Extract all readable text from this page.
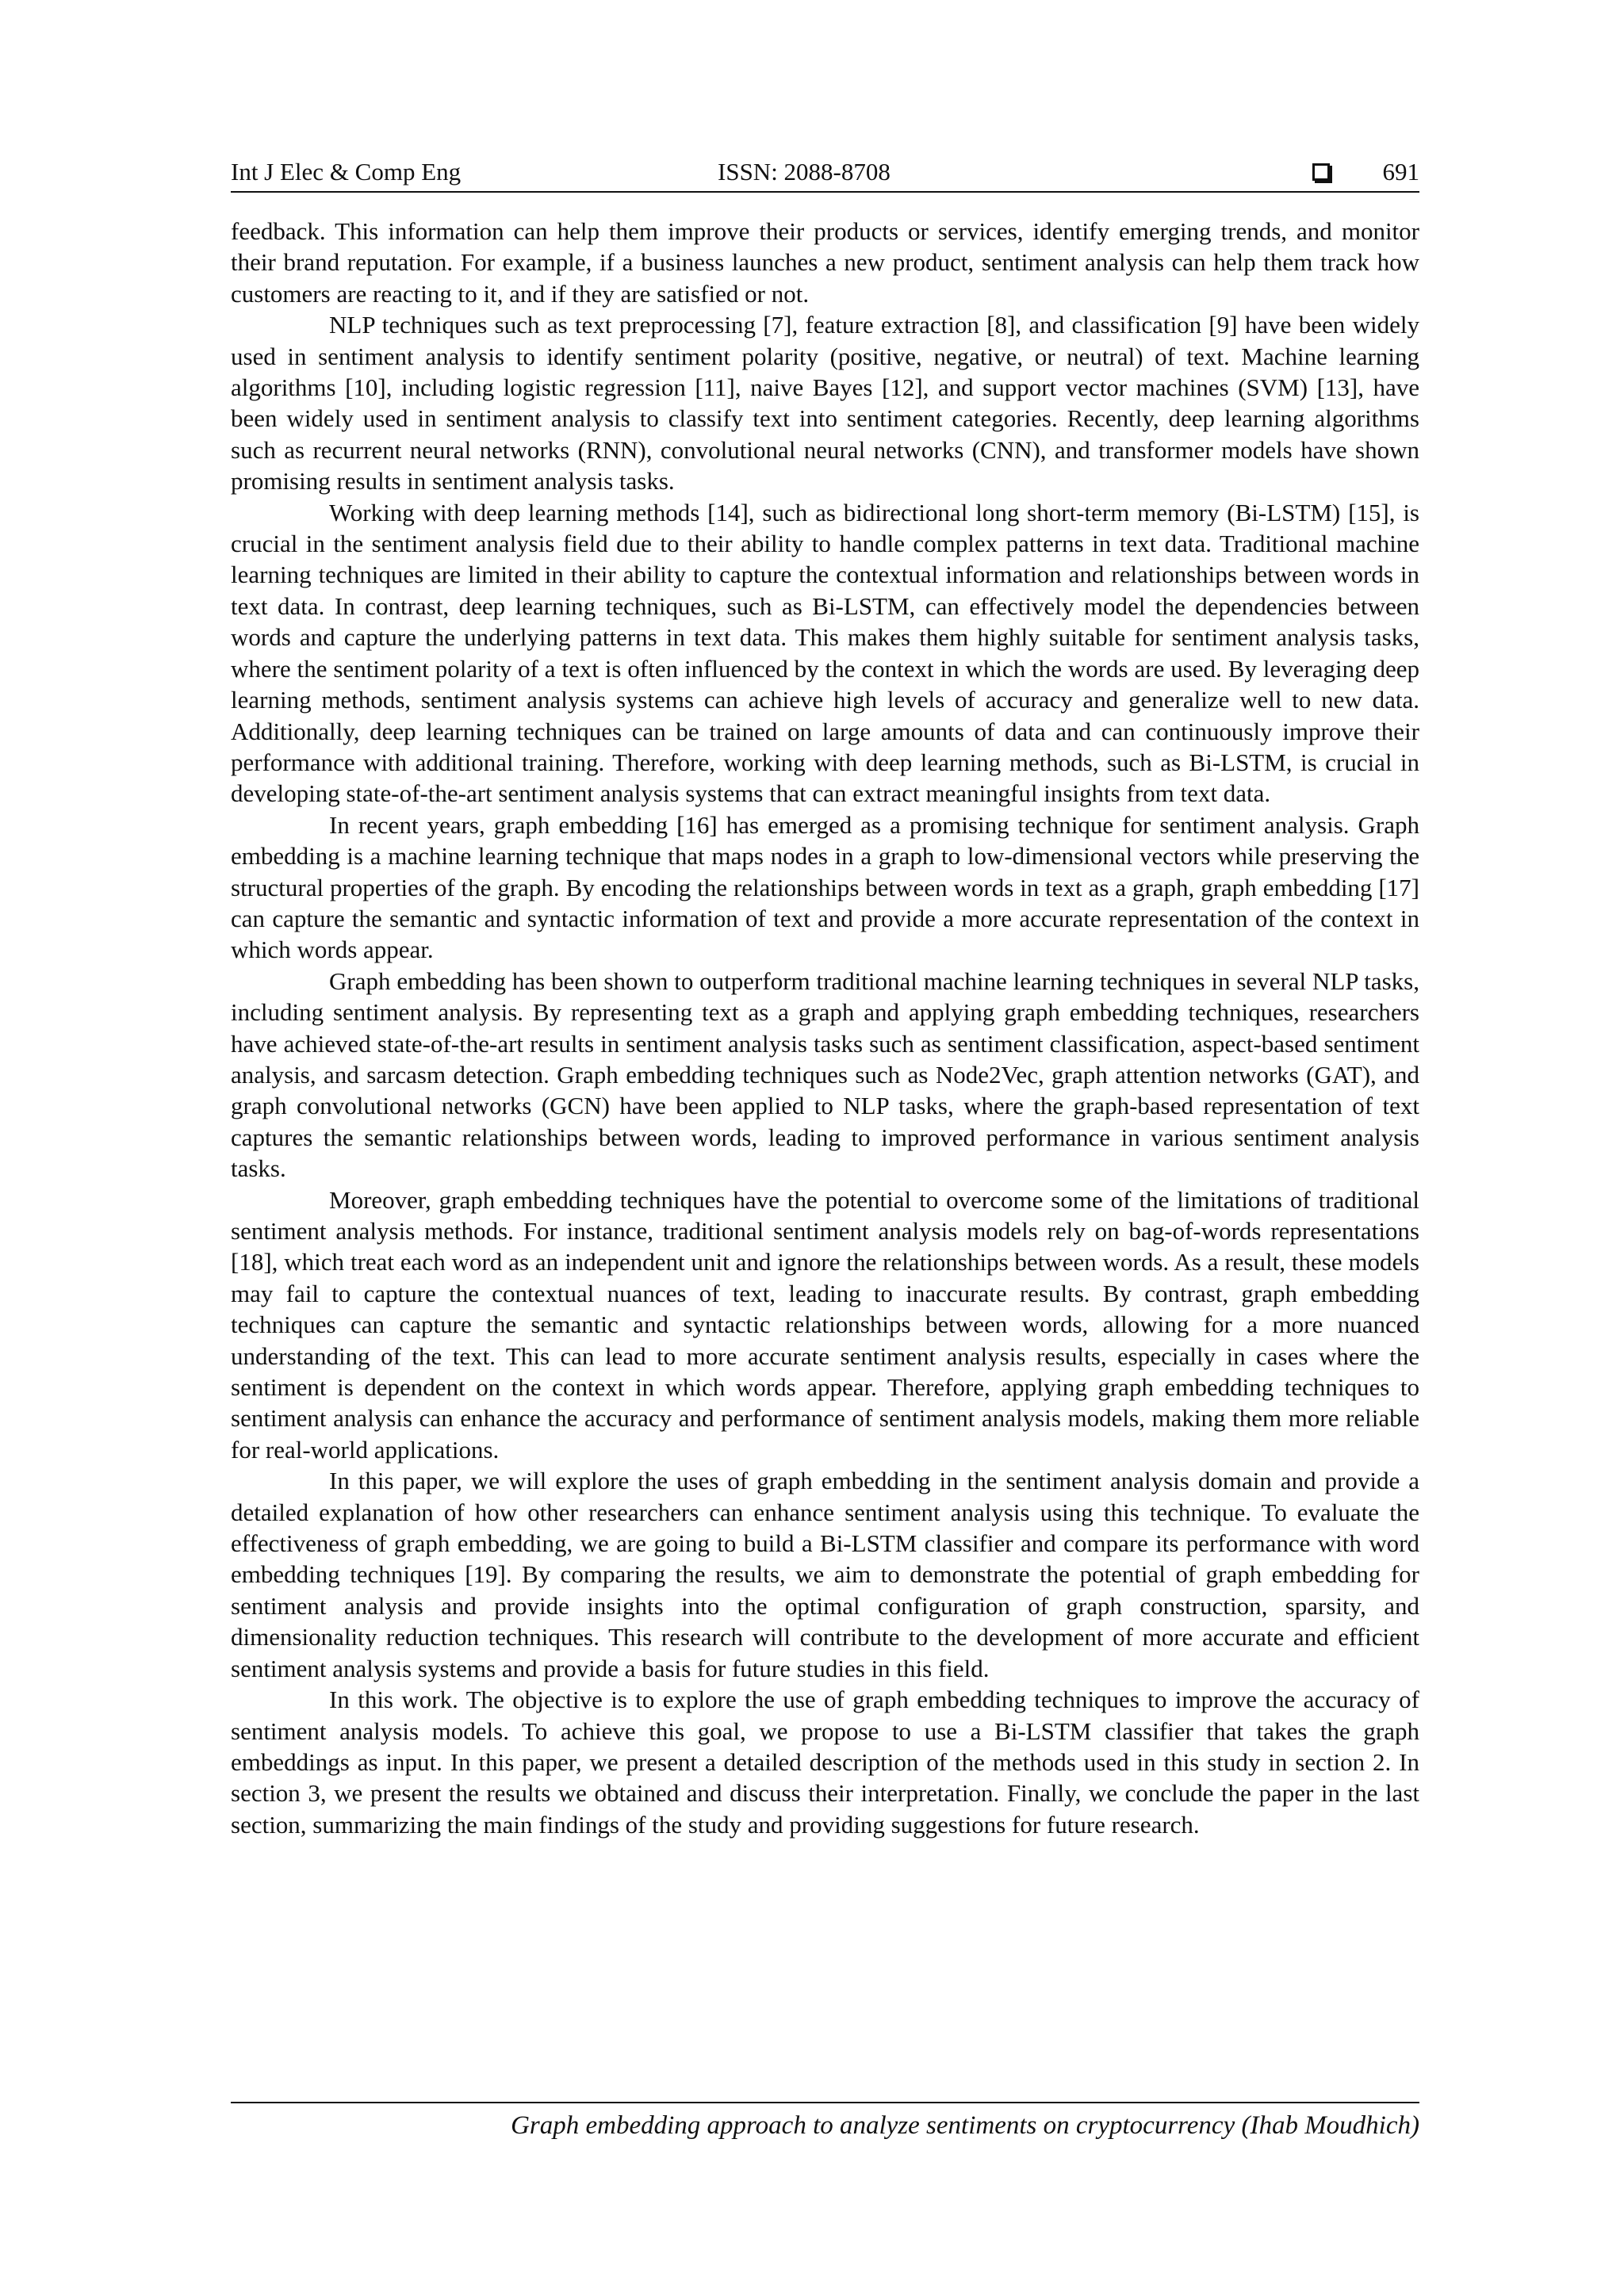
Int J Elec & Comp Eng	ISSN: 2088-8708	691

feedback. This information can help them improve their products or services, identify emerging trends, and monitor their brand reputation. For example, if a business launches a new product, sentiment analysis can help them track how customers are reacting to it, and if they are satisfied or not.

NLP techniques such as text preprocessing [7], feature extraction [8], and classification [9] have been widely used in sentiment analysis to identify sentiment polarity (positive, negative, or neutral) of text. Machine learning algorithms [10], including logistic regression [11], naive Bayes [12], and support vector machines (SVM) [13], have been widely used in sentiment analysis to classify text into sentiment categories. Recently, deep learning algorithms such as recurrent neural networks (RNN), convolutional neural networks (CNN), and transformer models have shown promising results in sentiment analysis tasks.

Working with deep learning methods [14], such as bidirectional long short-term memory (Bi-LSTM) [15], is crucial in the sentiment analysis field due to their ability to handle complex patterns in text data. Traditional machine learning techniques are limited in their ability to capture the contextual information and relationships between words in text data. In contrast, deep learning techniques, such as Bi-LSTM, can effectively model the dependencies between words and capture the underlying patterns in text data. This makes them highly suitable for sentiment analysis tasks, where the sentiment polarity of a text is often influenced by the context in which the words are used. By leveraging deep learning methods, sentiment analysis systems can achieve high levels of accuracy and generalize well to new data. Additionally, deep learning techniques can be trained on large amounts of data and can continuously improve their performance with additional training. Therefore, working with deep learning methods, such as Bi-LSTM, is crucial in developing state-of-the-art sentiment analysis systems that can extract meaningful insights from text data.

In recent years, graph embedding [16] has emerged as a promising technique for sentiment analysis. Graph embedding is a machine learning technique that maps nodes in a graph to low-dimensional vectors while preserving the structural properties of the graph. By encoding the relationships between words in text as a graph, graph embedding [17] can capture the semantic and syntactic information of text and provide a more accurate representation of the context in which words appear.

Graph embedding has been shown to outperform traditional machine learning techniques in several NLP tasks, including sentiment analysis. By representing text as a graph and applying graph embedding techniques, researchers have achieved state-of-the-art results in sentiment analysis tasks such as sentiment classification, aspect-based sentiment analysis, and sarcasm detection. Graph embedding techniques such as Node2Vec, graph attention networks (GAT), and graph convolutional networks (GCN) have been applied to NLP tasks, where the graph-based representation of text captures the semantic relationships between words, leading to improved performance in various sentiment analysis tasks.

Moreover, graph embedding techniques have the potential to overcome some of the limitations of traditional sentiment analysis methods. For instance, traditional sentiment analysis models rely on bag-of-words representations [18], which treat each word as an independent unit and ignore the relationships between words. As a result, these models may fail to capture the contextual nuances of text, leading to inaccurate results. By contrast, graph embedding techniques can capture the semantic and syntactic relationships between words, allowing for a more nuanced understanding of the text. This can lead to more accurate sentiment analysis results, especially in cases where the sentiment is dependent on the context in which words appear. Therefore, applying graph embedding techniques to sentiment analysis can enhance the accuracy and performance of sentiment analysis models, making them more reliable for real-world applications.

In this paper, we will explore the uses of graph embedding in the sentiment analysis domain and provide a detailed explanation of how other researchers can enhance sentiment analysis using this technique. To evaluate the effectiveness of graph embedding, we are going to build a Bi-LSTM classifier and compare its performance with word embedding techniques [19]. By comparing the results, we aim to demonstrate the potential of graph embedding for sentiment analysis and provide insights into the optimal configuration of graph construction, sparsity, and dimensionality reduction techniques. This research will contribute to the development of more accurate and efficient sentiment analysis systems and provide a basis for future studies in this field.

In this work. The objective is to explore the use of graph embedding techniques to improve the accuracy of sentiment analysis models. To achieve this goal, we propose to use a Bi-LSTM classifier that takes the graph embeddings as input. In this paper, we present a detailed description of the methods used in this study in section 2. In section 3, we present the results we obtained and discuss their interpretation. Finally, we conclude the paper in the last section, summarizing the main findings of the study and providing suggestions for future research.

Graph embedding approach to analyze sentiments on cryptocurrency (Ihab Moudhich)
